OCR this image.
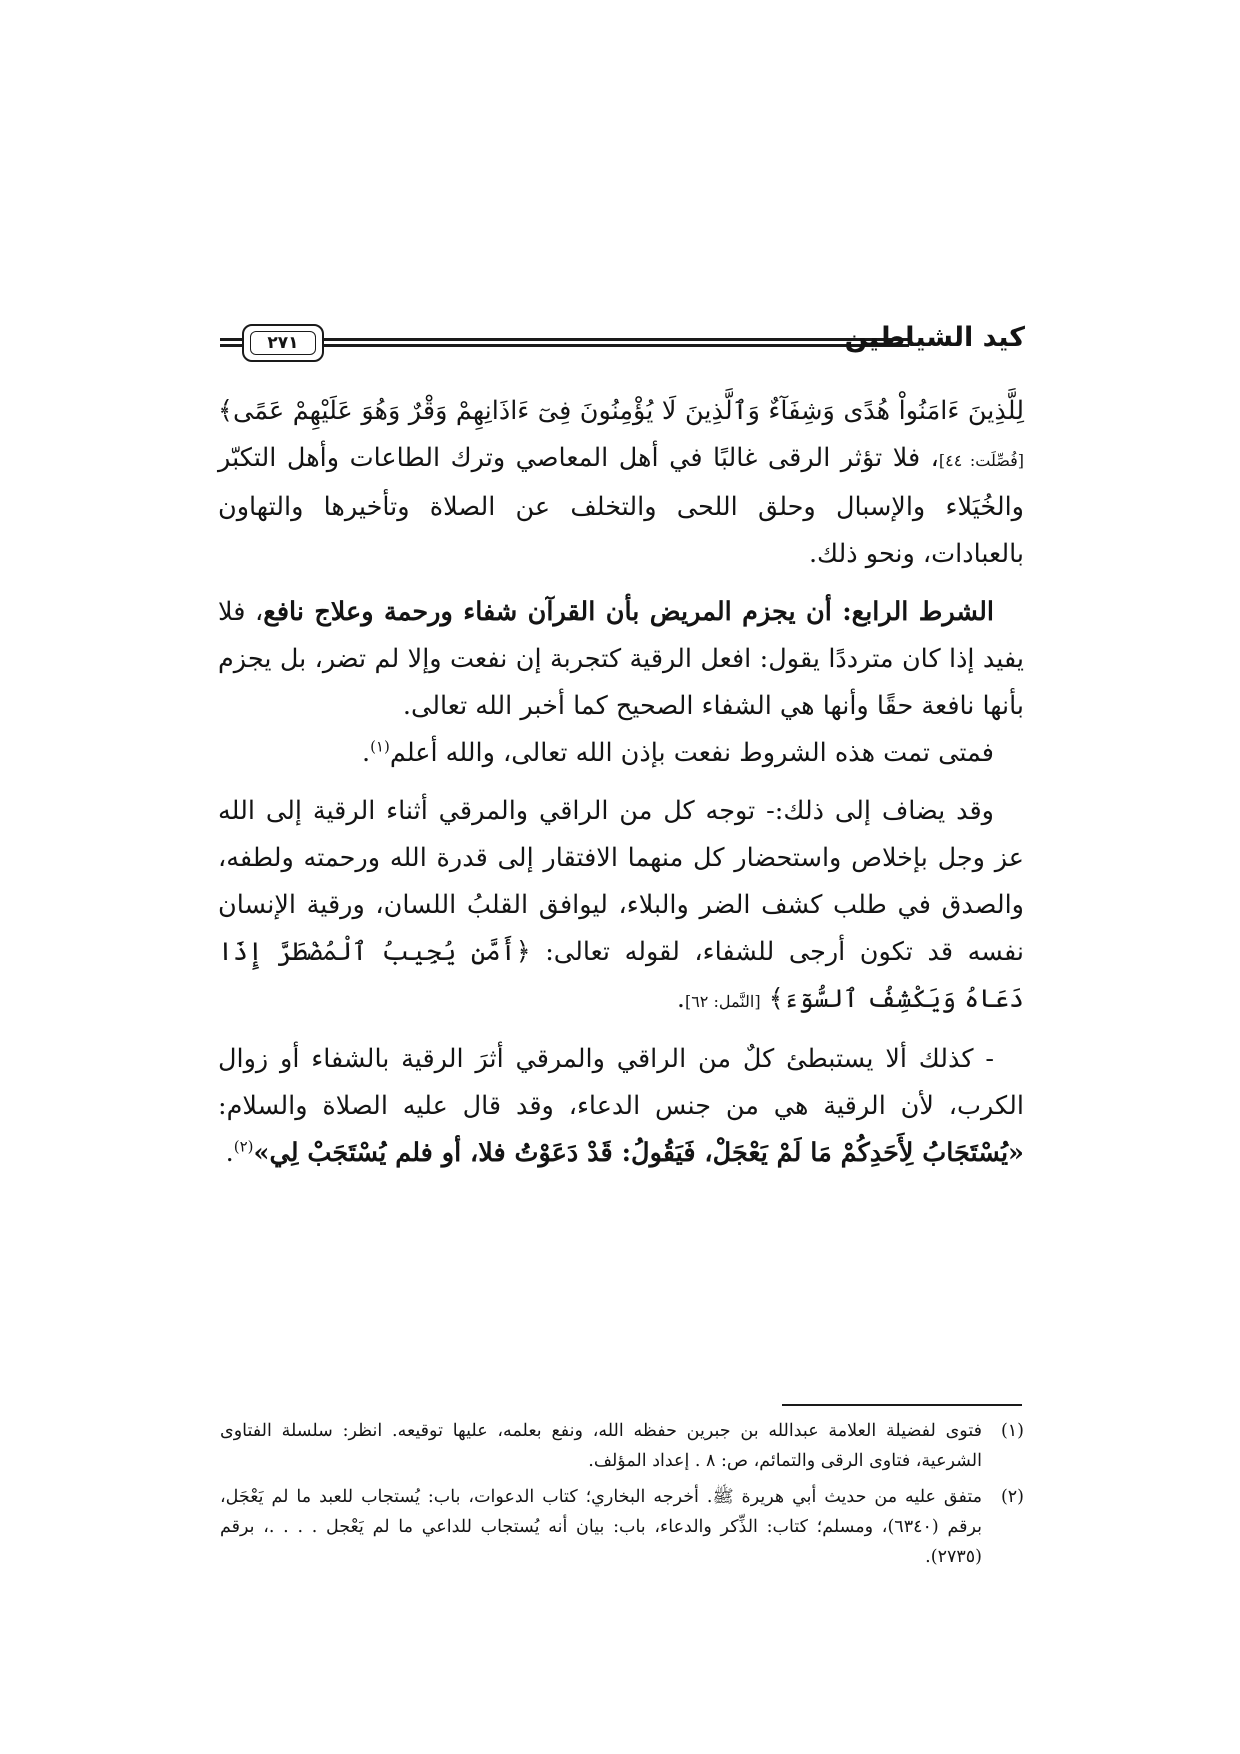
٢٧١	كيد الشياطين

لِلَّذِينَ ءَامَنُواْ هُدًى وَشِفَآءٌ وَٱلَّذِينَ لَا يُؤْمِنُونَ فِىٓ ءَاذَانِهِمْ وَقْرٌ وَهُوَ عَلَيْهِمْ عَمًى﴾ [فُصِّلَت: ٤٤]، فلا تؤثر الرقى غالبًا في أهل المعاصي وترك الطاعات وأهل التكبّر والخُيَلاء والإسبال وحلق اللحى والتخلف عن الصلاة وتأخيرها والتهاون بالعبادات، ونحو ذلك.

الشرط الرابع: أن يجزم المريض بأن القرآن شفاء ورحمة وعلاج نافع، فلا يفيد إذا كان مترددًا يقول: افعل الرقية كتجربة إن نفعت وإلا لم تضر، بل يجزم بأنها نافعة حقًا وأنها هي الشفاء الصحيح كما أخبر الله تعالى.

فمتى تمت هذه الشروط نفعت بإذن الله تعالى، والله أعلم$^{(١)}$.

وقد يضاف إلى ذلك:- توجه كل من الراقي والمرقي أثناء الرقية إلى الله عز وجل بإخلاص واستحضار كل منهما الافتقار إلى قدرة الله ورحمته ولطفه، والصدق في طلب كشف الضر والبلاء، ليوافق القلبُ اللسان، ورقية الإنسان نفسه قد تكون أرجى للشفاء، لقوله تعالى: ﴿أَمَّن يُجِيبُ ٱلْمُضْطَرَّ إِذَا دَعَاهُ وَيَكْشِفُ ٱلسُّوٓءَ﴾ [النَّمل: ٦٢].

- كذلك ألا يستبطئ كلٌ من الراقي والمرقي أثرَ الرقية بالشفاء أو زوال الكرب، لأن الرقية هي من جنس الدعاء، وقد قال عليه الصلاة والسلام: «يُسْتَجَابُ لِأَحَدِكُمْ مَا لَمْ يَعْجَلْ، فَيَقُولُ: قَدْ دَعَوْتُ فلا، أو فلم يُسْتَجَبْ لِي»$^{(٢)}$.

(١)
فتوى لفضيلة العلامة عبدالله بن جبرين حفظه الله، ونفع بعلمه، عليها توقيعه. انظر: سلسلة الفتاوى الشرعية، فتاوى الرقى والتمائم، ص: ٨ . إعداد المؤلف.
(٢)
متفق عليه من حديث أبي هريرة ﷺ. أخرجه البخاري؛ كتاب الدعوات، باب: يُستجاب للعبد ما لم يَعْجَل، برقم (٦٣٤٠)، ومسلم؛ كتاب: الذِّكر والدعاء، باب: بيان أنه يُستجاب للداعي ما لم يَعْجل . . . .، برقم (٢٧٣٥).
